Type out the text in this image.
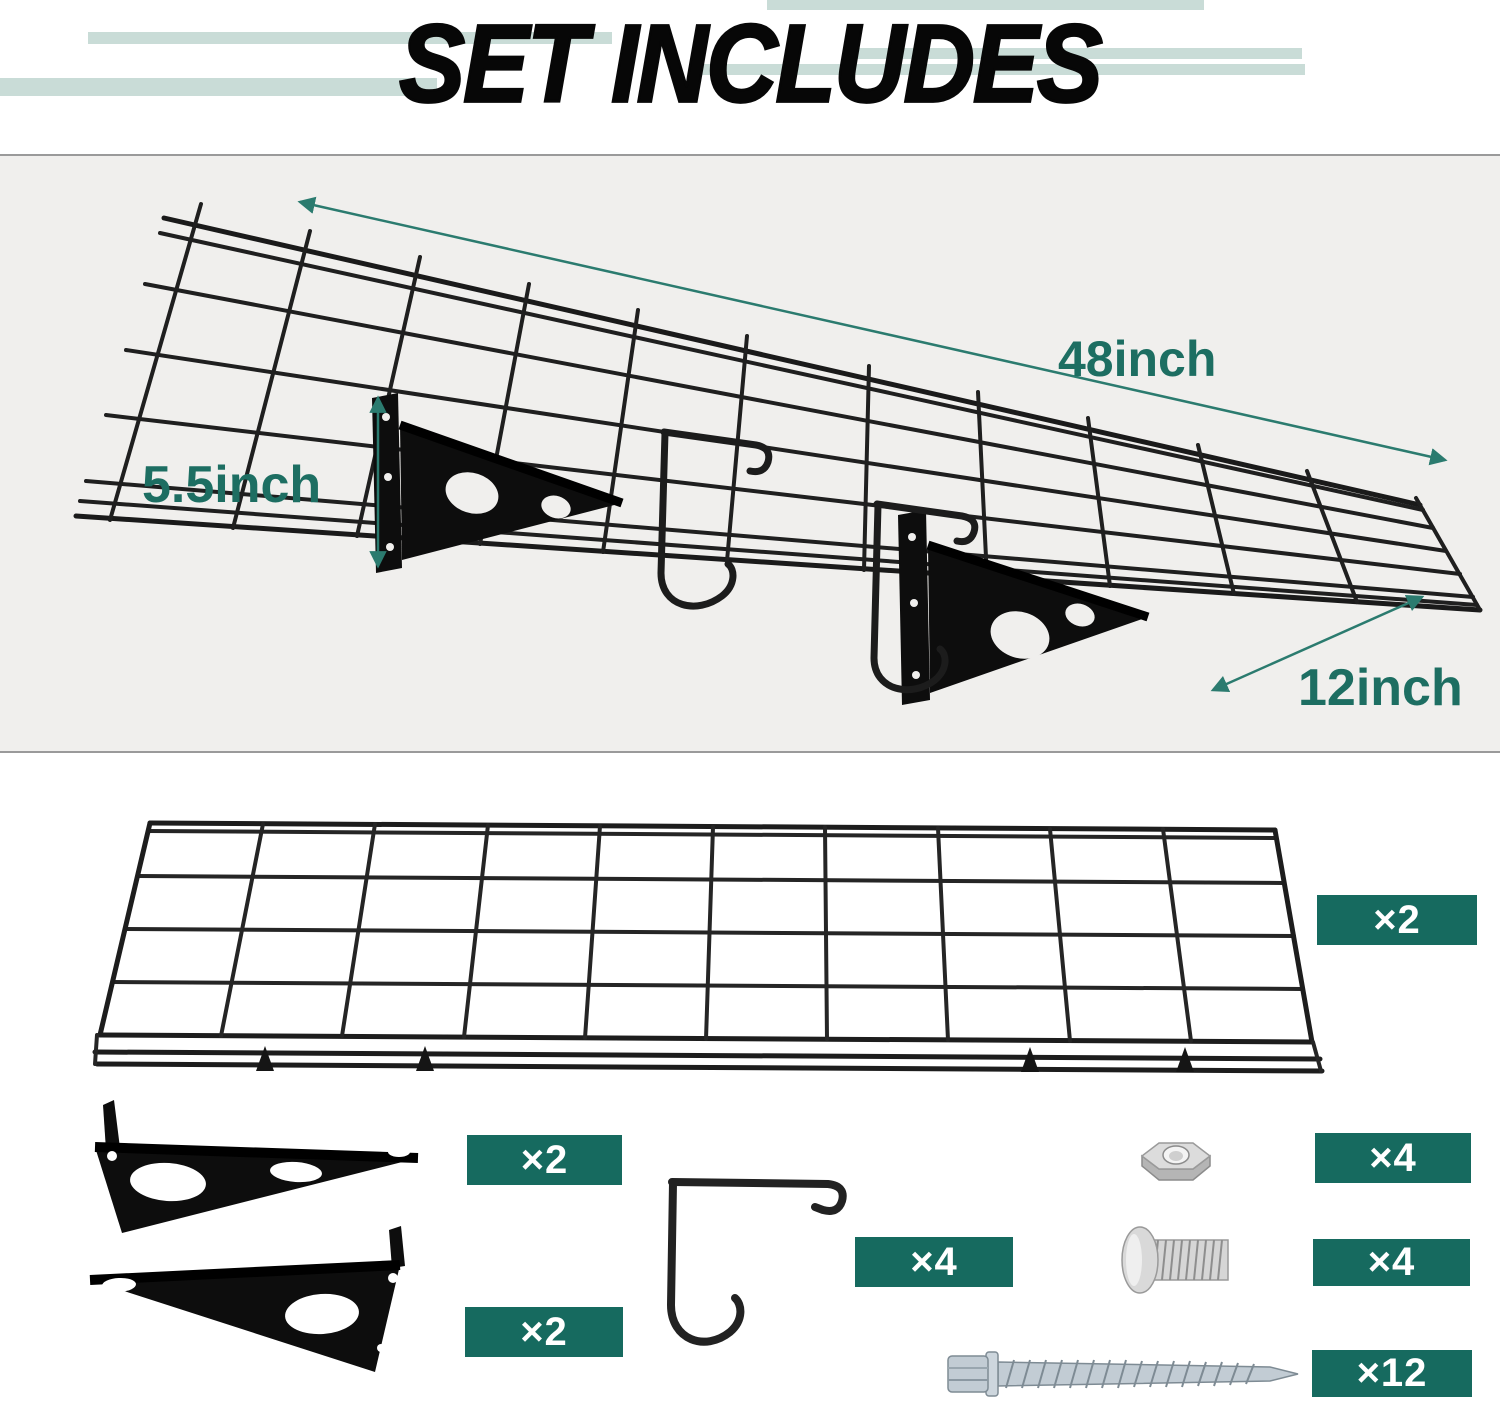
SET INCLUDES
48inch
5.5inch
12inch
×2
×2
×2
×4
×4
×4
×12
